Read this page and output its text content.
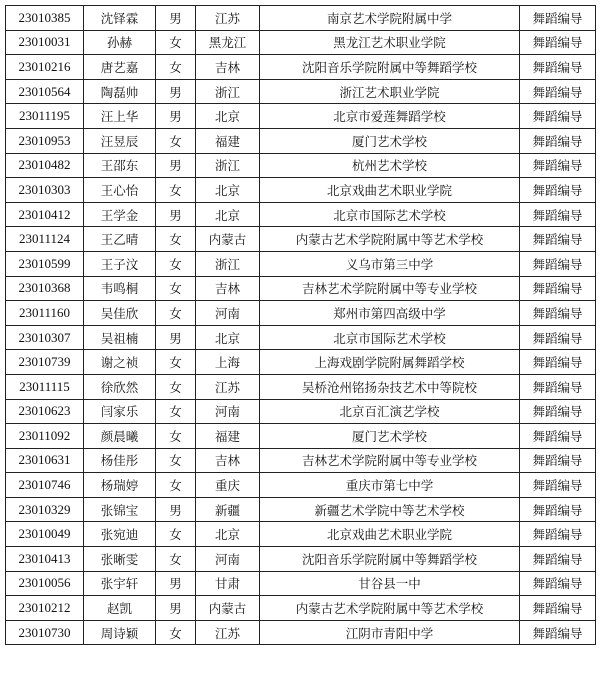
23010385	沈铎霖	男	江苏	南京艺术学院附属中学	舞蹈编导
23010031	孙赫	女	黑龙江	黑龙江艺术职业学院	舞蹈编导
23010216	唐艺嘉	女	吉林	沈阳音乐学院附属中等舞蹈学校	舞蹈编导
23010564	陶磊帅	男	浙江	浙江艺术职业学院	舞蹈编导
23011195	汪上华	男	北京	北京市爱莲舞蹈学校	舞蹈编导
23010953	汪昱辰	女	福建	厦门艺术学校	舞蹈编导
23010482	王邵东	男	浙江	杭州艺术学校	舞蹈编导
23010303	王心怡	女	北京	北京戏曲艺术职业学院	舞蹈编导
23010412	王学金	男	北京	北京市国际艺术学校	舞蹈编导
23011124	王乙晴	女	内蒙古	内蒙古艺术学院附属中等艺术学校	舞蹈编导
23010599	王子汶	女	浙江	义乌市第三中学	舞蹈编导
23010368	韦鸣桐	女	吉林	吉林艺术学院附属中等专业学校	舞蹈编导
23011160	吴佳欣	女	河南	郑州市第四高级中学	舞蹈编导
23010307	吴祖楠	男	北京	北京市国际艺术学校	舞蹈编导
23010739	谢之祯	女	上海	上海戏剧学院附属舞蹈学校	舞蹈编导
23011115	徐欣然	女	江苏	吴桥沧州铭扬杂技艺术中等院校	舞蹈编导
23010623	闫家乐	女	河南	北京百汇演艺学校	舞蹈编导
23011092	颜晨曦	女	福建	厦门艺术学校	舞蹈编导
23010631	杨佳彤	女	吉林	吉林艺术学院附属中等专业学校	舞蹈编导
23010746	杨瑞婷	女	重庆	重庆市第七中学	舞蹈编导
23010329	张锦宝	男	新疆	新疆艺术学院中等艺术学校	舞蹈编导
23010049	张宛迪	女	北京	北京戏曲艺术职业学院	舞蹈编导
23010413	张晰雯	女	河南	沈阳音乐学院附属中等舞蹈学校	舞蹈编导
23010056	张宇轩	男	甘肃	甘谷县一中	舞蹈编导
23010212	赵凯	男	内蒙古	内蒙古艺术学院附属中等艺术学校	舞蹈编导
23010730	周诗颖	女	江苏	江阴市青阳中学	舞蹈编导
